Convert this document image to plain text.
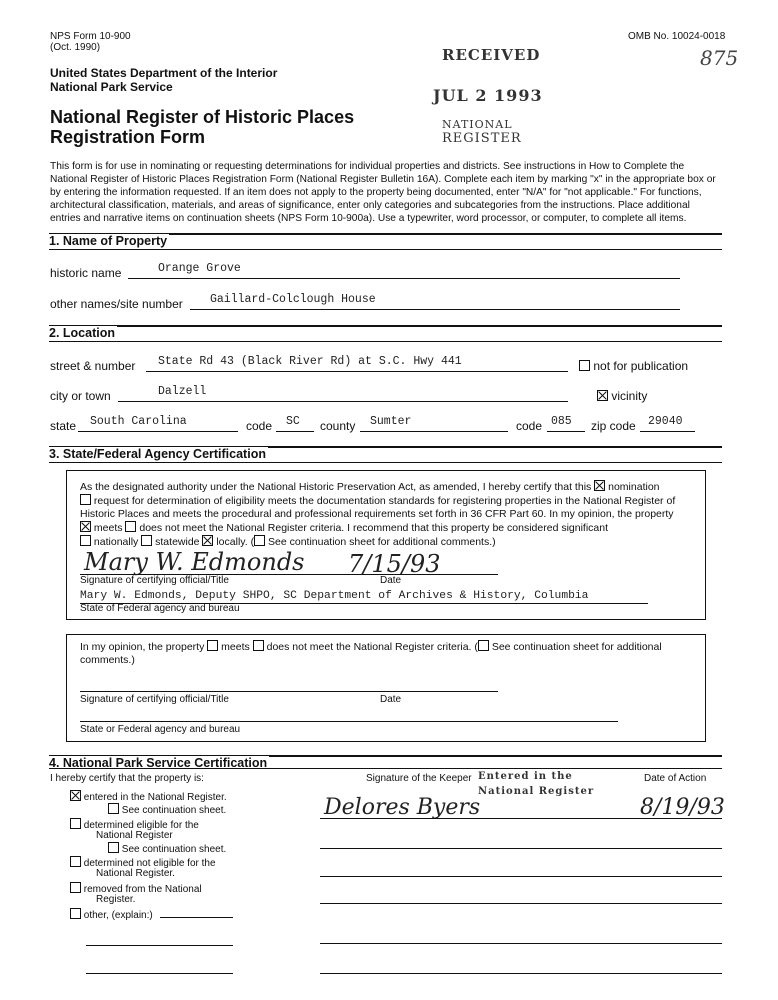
NPS Form 10-900
(Oct. 1990)
OMB No. 10024-0018
875
United States Department of the Interior
National Park Service
National Register of Historic Places
Registration Form
RECEIVED
JUL 2 1993
NATIONAL
REGISTER
This form is for use in nominating or requesting determinations for individual properties and districts. See instructions in How to Complete the
National Register of Historic Places Registration Form (National Register Bulletin 16A). Complete each item by marking "x" in the appropriate box or
by entering the information requested. If an item does not apply to the property being documented, enter "N/A" for "not applicable." For functions,
architectural classification, materials, and areas of significance, enter only categories and subcategories from the instructions. Place additional
entries and narrative items on continuation sheets (NPS Form 10-900a). Use a typewriter, word processor, or computer, to complete all items.
1. Name of Property
historic name	Orange Grove
other names/site number Gaillard-Colclough House
2. Location
street & number State Rd 43 (Black River Rd) at S.C. Hwy 441	not for publication
city or town	Dalzell	vicinity
state South Carolina	code SC county Sumter	code 085 zip code 29040
3. State/Federal Agency Certification
As the designated authority under the National Historic Preservation Act, as amended, I hereby certify that this nomination
request for determination of eligibility meets the documentation standards for registering properties in the National Register of
Historic Places and meets the procedural and professional requirements set forth in 36 CFR Part 60. In my opinion, the property
meets does not meet the National Register criteria. I recommend that this property be considered significant
nationally statewide locally. ( See continuation sheet for additional comments.)
Mary W. Edmonds 7/15/93
Signature of certifying official/Title	Date
Mary W. Edmonds, Deputy SHPO, SC Department of Archives & History, Columbia
State of Federal agency and bureau
In my opinion, the property meets does not meet the National Register criteria. ( See continuation sheet for additional
comments.)
Signature of certifying official/Title	Date
State or Federal agency and bureau
4. National Park Service Certification
I hereby certify that the property is:	Signature of the Keeper Entered in the
National Register
Date of Action
Delores Byers	8/19/93
entered in the National Register.
See continuation sheet.
determined eligible for the
National Register
See continuation sheet.
determined not eligible for the
National Register.
removed from the National
Register.
other, (explain:)
